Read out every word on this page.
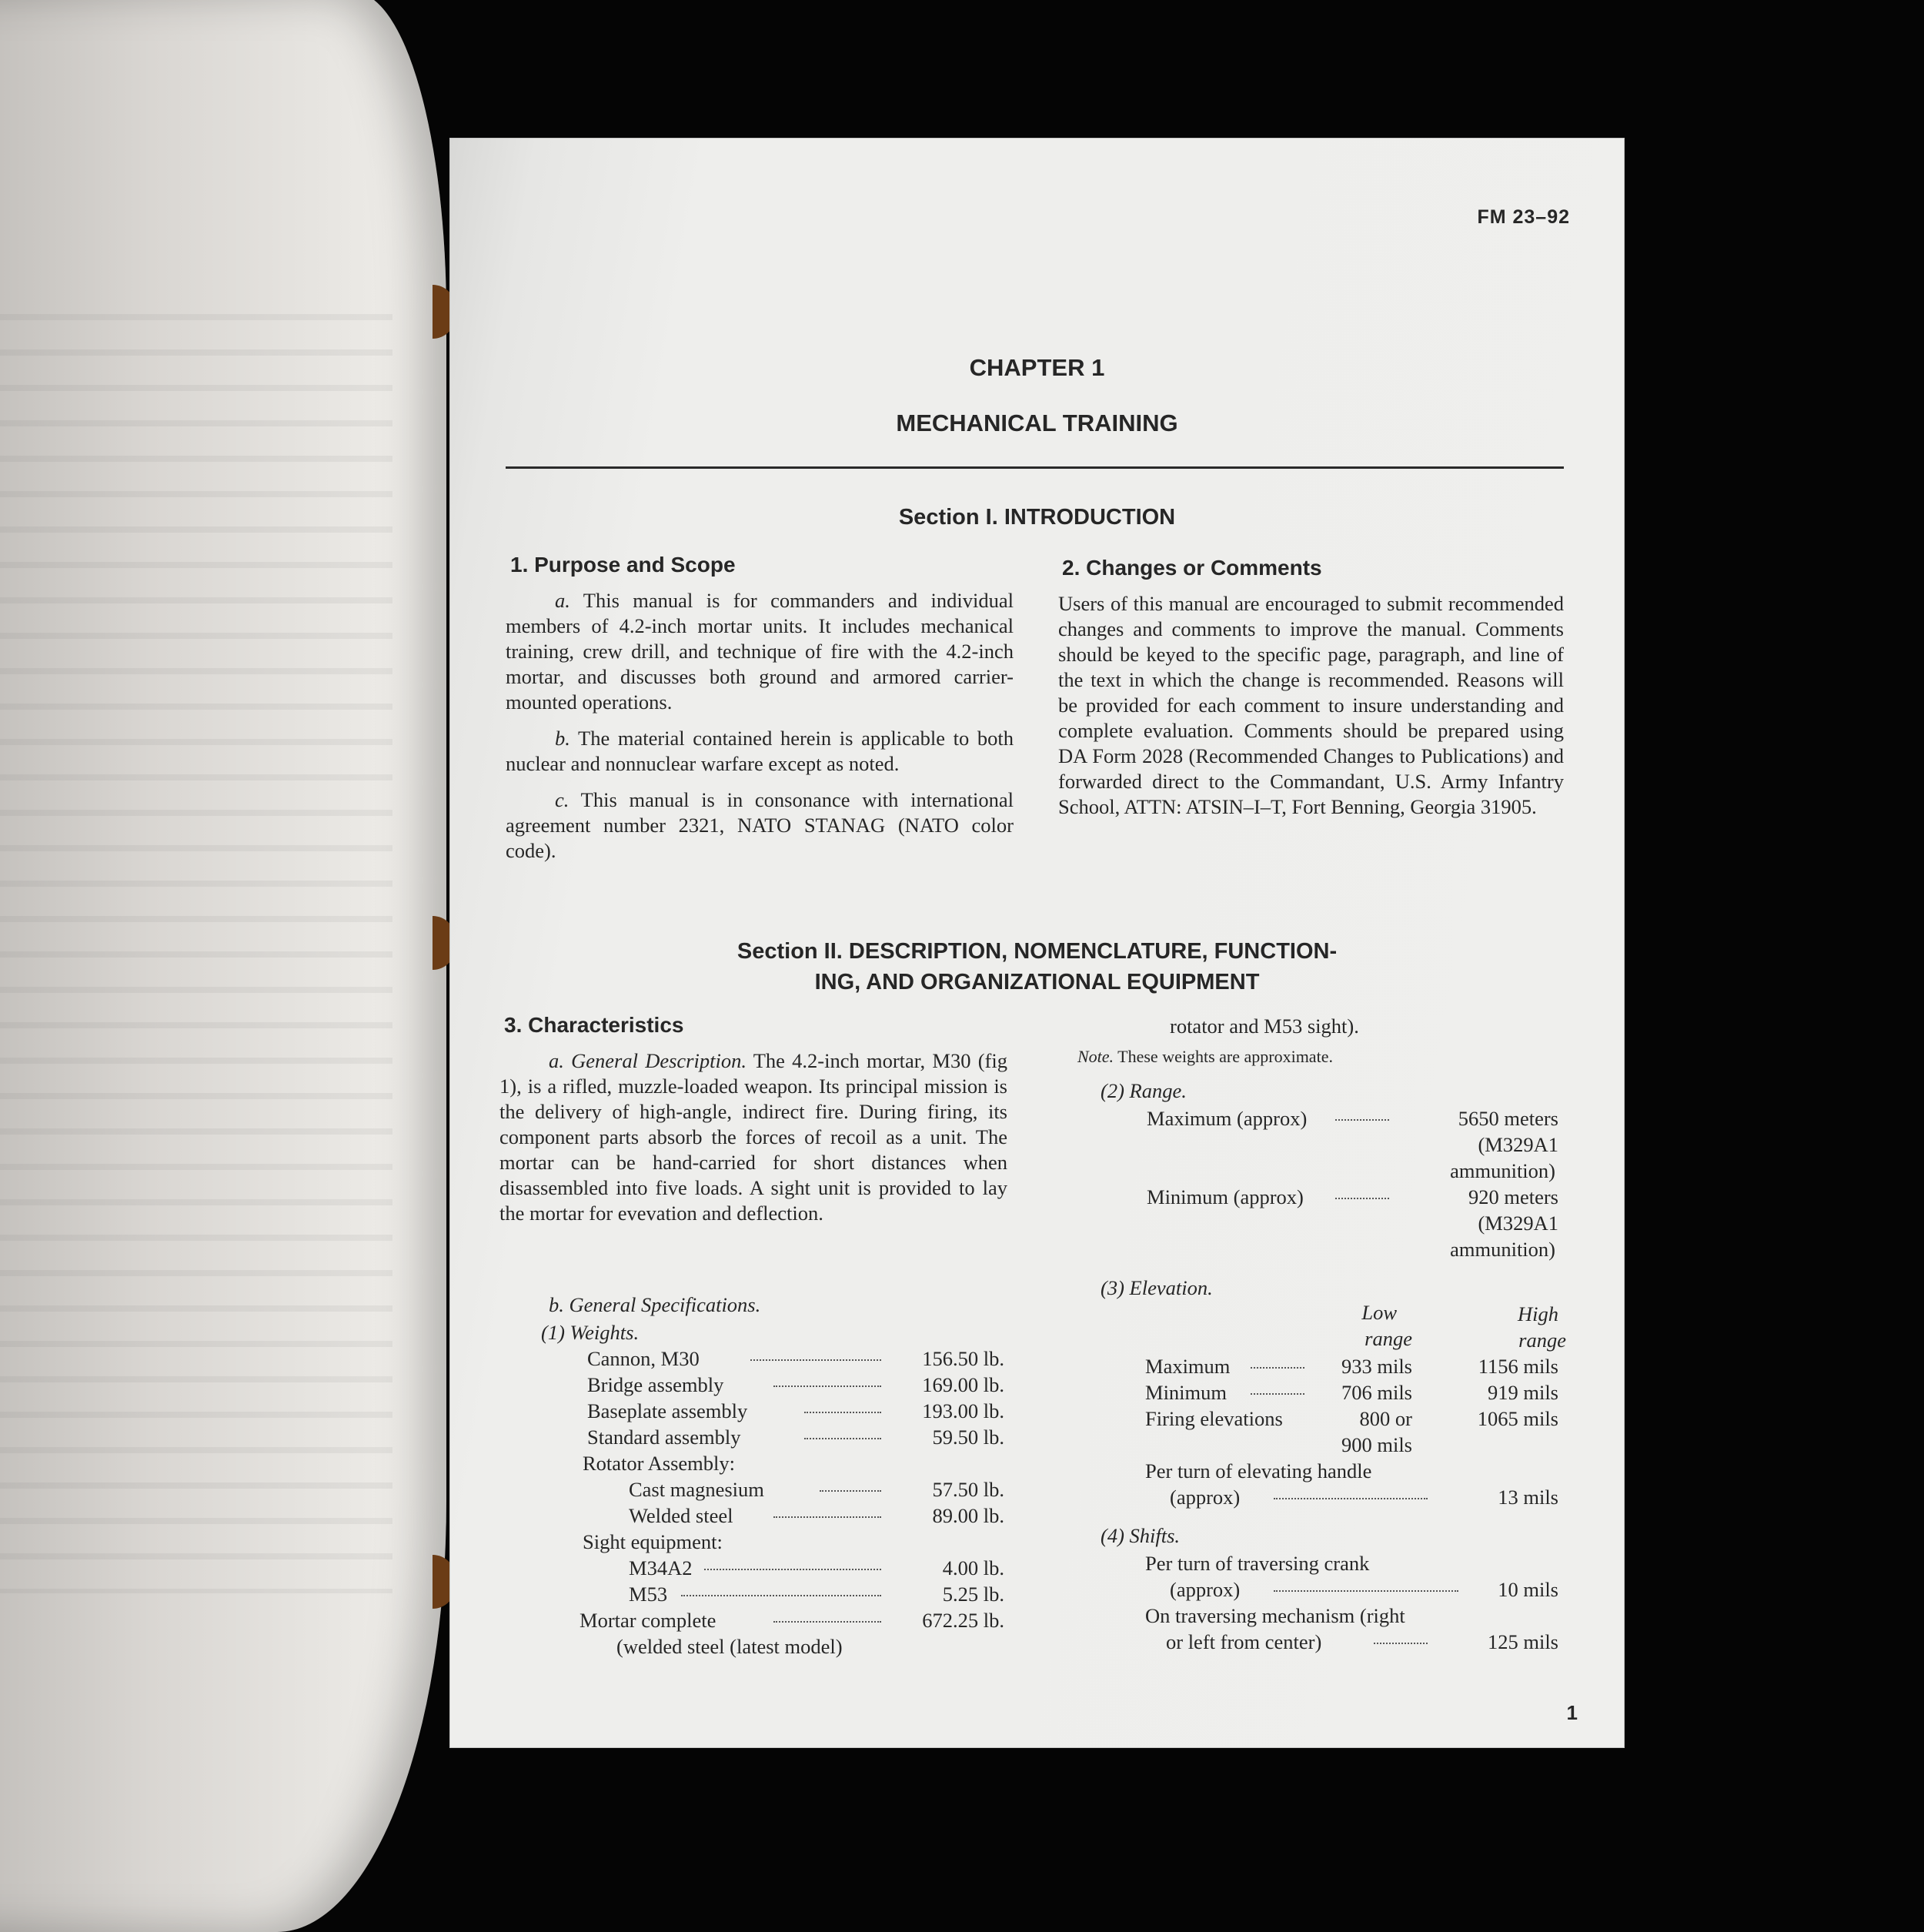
FM 23–92
CHAPTER 1
MECHANICAL TRAINING
Section I. INTRODUCTION
1. Purpose and Scope

a. This manual is for commanders and individual members of 4.2-inch mortar units. It includes mechanical training, crew drill, and technique of fire with the 4.2-inch mortar, and discusses both ground and armored carrier-mounted operations.

b. The material contained herein is applicable to both nuclear and nonnuclear warfare except as noted.

c. This manual is in consonance with international agreement number 2321, NATO STANAG (NATO color code).

2. Changes or Comments

Users of this manual are encouraged to submit recommended changes and comments to improve the manual. Comments should be keyed to the specific page, paragraph, and line of the text in which the change is recommended. Reasons will be provided for each comment to insure understanding and complete evaluation. Comments should be prepared using DA Form 2028 (Recommended Changes to Publications) and forwarded direct to the Commandant, U.S. Army Infantry School, ATTN: ATSIN–I–T, Fort Benning, Georgia 31905.

Section II. DESCRIPTION, NOMENCLATURE, FUNCTION-
ING, AND ORGANIZATIONAL EQUIPMENT
3. Characteristics

a. General Description. The 4.2-inch mortar, M30 (fig 1), is a rifled, muzzle-loaded weapon. Its principal mission is the delivery of high-angle, indirect fire. During firing, its component parts absorb the forces of recoil as a unit. The mortar can be hand-carried for short distances when disassembled into five loads. A sight unit is provided to lay the mortar for evevation and deflection.

b. General Specifications.
(1) Weights.
Cannon, M30	156.50 lb.
Bridge assembly	169.00 lb.
Baseplate assembly	193.00 lb.
Standard assembly	59.50 lb.
Rotator Assembly:
Cast magnesium	57.50 lb.
Welded steel	89.00 lb.
Sight equipment:
M34A2	4.00 lb.
M53	5.25 lb.
Mortar complete	672.25 lb.
(welded steel (latest model)
rotator and M53 sight).
Note. These weights are approximate.
(2) Range.
Maximum (approx)	5650 meters
(M329A1
ammunition)
Minimum (approx)	920 meters
(M329A1
ammunition)
(3) Elevation.
Low
range
High
range
Maximum	933 mils	1156 mils
Minimum	706 mils	919 mils
Firing elevations	800 or	1065 mils
900 mils
Per turn of elevating handle
(approx)	13 mils
(4) Shifts.
Per turn of traversing crank
(approx)	10 mils
On traversing mechanism (right
or left from center)	125 mils
1
